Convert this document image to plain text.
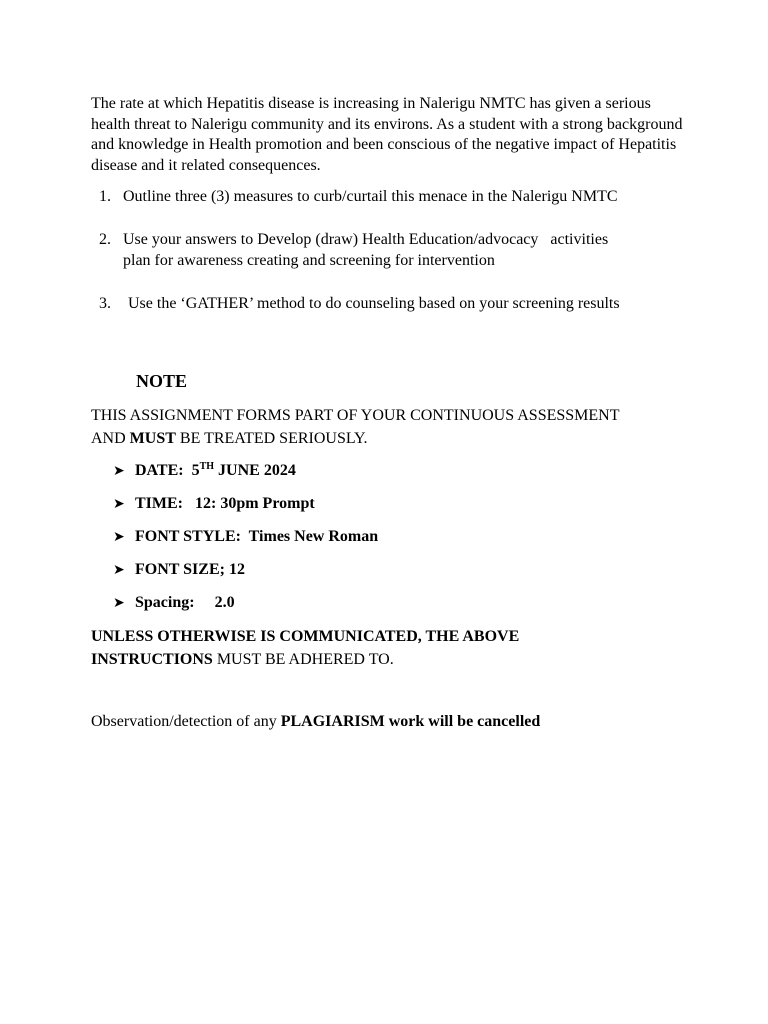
The rate at which Hepatitis disease is increasing in Nalerigu NMTC has given a serious health threat to Nalerigu community and its environs. As a student with a strong background and knowledge in Health promotion and been conscious of the negative impact of Hepatitis disease and it related consequences.

1. Outline three (3) measures to curb/curtail this menace in the Nalerigu NMTC
2. Use your answers to Develop (draw) Health Education/advocacy   activities
plan for awareness creating and screening for intervention
3. Use the ‘GATHER’ method to do counseling based on your screening results
NOTE
THIS ASSIGNMENT FORMS PART OF YOUR CONTINUOUS ASSESSMENT
AND MUST BE TREATED SERIOUSLY.
➤ DATE:  5TH JUNE 2024
➤ TIME:   12: 30pm Prompt
➤ FONT STYLE:  Times New Roman
➤ FONT SIZE; 12
➤ Spacing:     2.0
UNLESS OTHERWISE IS COMMUNICATED, THE ABOVE
INSTRUCTIONS MUST BE ADHERED TO.
Observation/detection of any PLAGIARISM work will be cancelled
